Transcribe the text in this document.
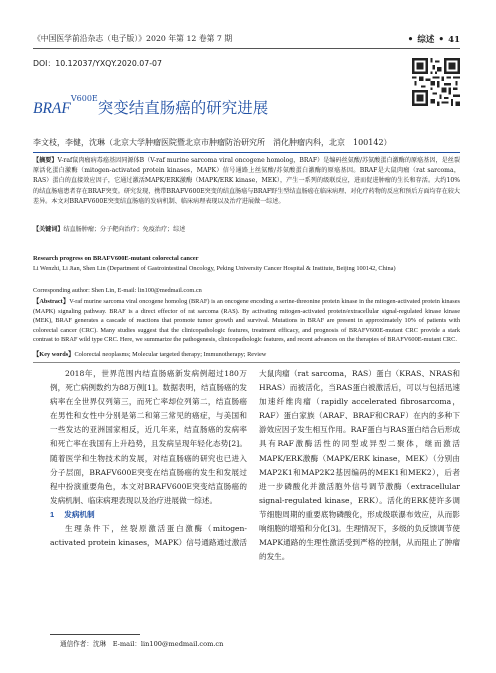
《中国医学前沿杂志（电子版）》2020 年第 12 卷第 7 期	• 综述 • 41
DOI：10.12037/YXQY.2020.07-07
$BRAF^{V600E}$突变结直肠癌的研究进展
李文枝，李健，沈琳（北京大学肿瘤医院暨北京市肿瘤防治研究所　消化肿瘤内科，北京　100142）
【摘要】V-raf鼠肉瘤病毒癌基因同源体B（V-raf murine sarcoma viral oncogene homolog，BRAF）是编码丝氨酸/苏氨酸蛋白激酶的原癌基因，是丝裂原活化蛋白激酶（mitogen-activated protein kinases，MAPK）信号通路上丝氨酸/苏氨酸蛋白激酶的原癌基因。BRAF是大鼠肉瘤（rat sarcoma，RAS）蛋白的直接效应因子，它通过激活MAPK/ERK激酶（MAPK/ERK kinase，MEK），产生一系列的级联反应，进而促进肿瘤的生长和存活。大约10%的结直肠癌患者存在BRAF突变。研究发现，携带BRAFV600E突变的结直肠癌与BRAF野生型结直肠癌在临床病理、对化疗药物的反应和预后方面均存在较大差异。本文对BRAFV600E突变结直肠癌的发病机制、临床病理表现以及治疗进展做一综述。
【关键词】结直肠肿瘤；分子靶向治疗；免疫治疗；综述
Research progress on BRAFV600E-mutant colorectal cancer
Li Wenzhi, Li Jian, Shen Lin (Department of Gastrointestinal Oncology, Peking University Cancer Hospital & Institute, Beijing 100142, China)
Corresponding author: Shen Lin, E-mail: lin100@medmail.com.cn
【Abstract】V-raf murine sarcoma viral oncogene homolog (BRAF) is an oncogene encoding a serine-threonine protein kinase in the mitogen-activated protein kinases (MAPK) signaling pathway. BRAF is a direct effector of rat sarcoma (RAS). By activating mitogen-activated protein/extracellular signal-regulated kinase kinase (MEK), BRAF generates a cascade of reactions that promote tumor growth and survival. Mutations in BRAF are present in approximately 10% of patients with colorectal cancer (CRC). Many studies suggest that the clinicopathologic features, treatment efficacy, and prognosis of BRAFV600E-mutant CRC provide a stark contrast to BRAF wild type CRC. Here, we summarize the pathogenesis, clinicopathologic features, and recent advances on the therapies of BRAFV600E-mutant CRC.
【Key words】Colorectal neoplasms; Molecular targeted therapy; Immunotherapy; Review

2018年，世界范围内结直肠癌新发病例超过180万例，死亡病例数约为88万例[1]。数据表明，结直肠癌的发病率在全世界仅列第三，而死亡率却位列第二，结直肠癌在男性和女性中分别是第二和第三常见的癌症，与美国和一些发达的亚洲国家相反，近几年来，结直肠癌的发病率和死亡率在我国有上升趋势，且发病呈现年轻化态势[2]。随着医学和生物技术的发展，对结直肠癌的研究也已进入分子层面，BRAFV600E突变在结直肠癌的发生和发展过程中扮演重要角色，本文对BRAFV600E突变结直肠癌的发病机制、临床病理表现以及治疗进展做一综述。

1 发病机制

生理条件下，丝裂原激活蛋白激酶（mitogen-activated protein kinases，MAPK）信号通路通过激活

大鼠肉瘤（rat sarcoma，RAS）蛋白（KRAS、NRAS和HRAS）而被活化，当RAS蛋白被激活后，可以与包括迅速加速纤维肉瘤（rapidly accelerated fibrosarcoma，RAF）蛋白家族（ARAF、BRAF和CRAF）在内的多种下游效应因子发生相互作用。RAF蛋白与RAS蛋白结合后形成具有RAF激酶活性的同型或异型二聚体，继而激活MAPK/ERK激酶（MAPK/ERK kinase，MEK）（分别由MAP2K1和MAP2K2基因编码的MEK1和MEK2），后者进一步磷酸化并激活胞外信号调节激酶（extracellular signal-regulated kinase，ERK）。活化的ERK使许多调节细胞周期的重要底物磷酸化，形成级联瀑布效应，从而影响细胞的增殖和分化[3]。生理情况下，多级的负反馈调节使MAPK通路的生理性激活受到严格的控制，从而阻止了肿瘤的发生。

通信作者：沈琳　E-mail：lin100@medmail.com.cn
